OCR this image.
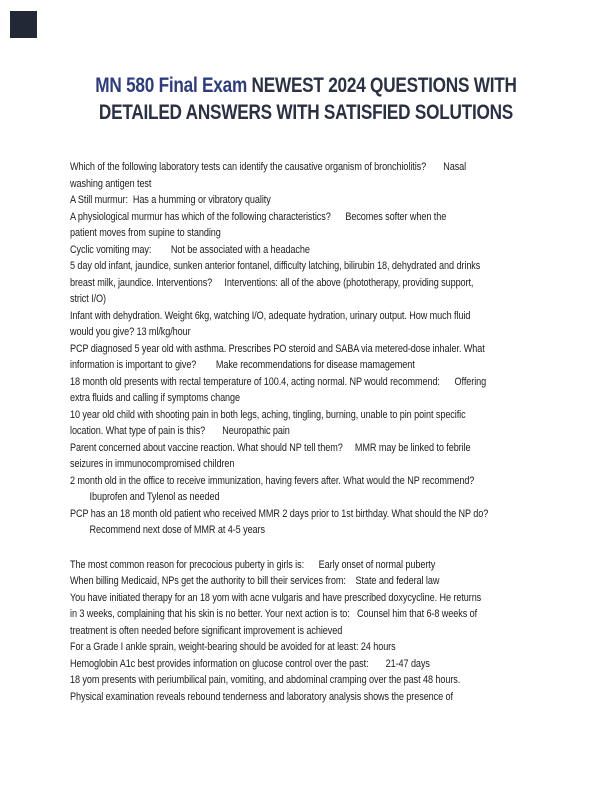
MN 580 Final Exam NEWEST 2024 QUESTIONS WITH
DETAILED ANSWERS WITH SATISFIED SOLUTIONS
Which of the following laboratory tests can identify the causative organism of bronchiolitis?       Nasal
washing antigen test
A Still murmur:  Has a humming or vibratory quality
A physiological murmur has which of the following characteristics?      Becomes softer when the
patient moves from supine to standing
Cyclic vomiting may:        Not be associated with a headache
5 day old infant, jaundice, sunken anterior fontanel, difficulty latching, bilirubin 18, dehydrated and drinks
breast milk, jaundice. Interventions?     Interventions: all of the above (phototherapy, providing support,
strict I/O)
Infant with dehydration. Weight 6kg, watching I/O, adequate hydration, urinary output. How much fluid
would you give? 13 ml/kg/hour
PCP diagnosed 5 year old with asthma. Prescribes PO steroid and SABA via metered-dose inhaler. What
information is important to give?        Make recommendations for disease mamagement
18 month old presents with rectal temperature of 100.4, acting normal. NP would recommend:      Offering
extra fluids and calling if symptoms change
10 year old child with shooting pain in both legs, aching, tingling, burning, unable to pin point specific
location. What type of pain is this?       Neuropathic pain
Parent concerned about vaccine reaction. What should NP tell them?     MMR may be linked to febrile
seizures in immunocompromised children
2 month old in the office to receive immunization, having fevers after. What would the NP recommend?
Ibuprofen and Tylenol as needed
PCP has an 18 month old patient who received MMR 2 days prior to 1st birthday. What should the NP do?
Recommend next dose of MMR at 4-5 years
The most common reason for precocious puberty in girls is:      Early onset of normal puberty
When billing Medicaid, NPs get the authority to bill their services from:    State and federal law
You have initiated therapy for an 18 yom with acne vulgaris and have prescribed doxycycline. He returns
in 3 weeks, complaining that his skin is no better. Your next action is to:   Counsel him that 6-8 weeks of
treatment is often needed before significant improvement is achieved
For a Grade I ankle sprain, weight-bearing should be avoided for at least: 24 hours
Hemoglobin A1c best provides information on glucose control over the past:       21-47 days
18 yom presents with periumbilical pain, vomiting, and abdominal cramping over the past 48 hours.
Physical examination reveals rebound tenderness and laboratory analysis shows the presence of
